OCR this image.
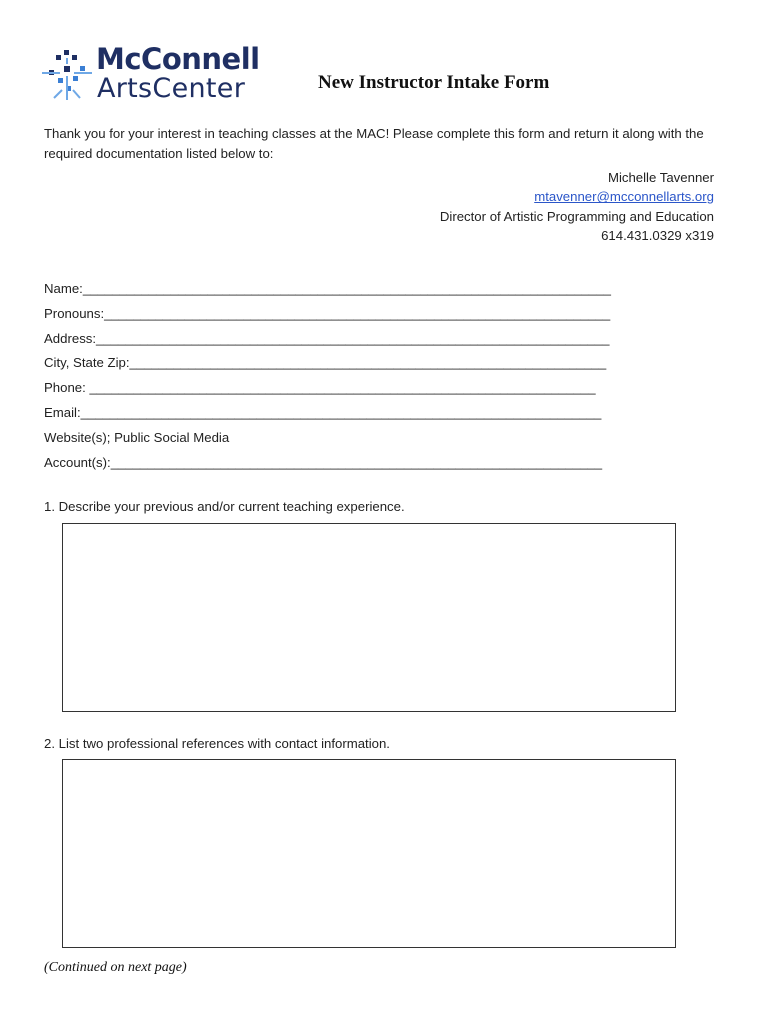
McConnell
ArtsCenter	New Instructor Intake Form
Thank you for your interest in teaching classes at the MAC! Please complete this form and return it along with the required documentation listed below to:
Michelle Tavenner
mtavenner@mcconnellarts.org
Director of Artistic Programming and Education
614.431.0329 x319
Name:________________________________________________________________________
Pronouns:_____________________________________________________________________
Address:______________________________________________________________________
City, State Zip:_________________________________________________________________
Phone: _____________________________________________________________________
Email:_______________________________________________________________________
Website(s); Public Social Media
Account(s):___________________________________________________________________
1. Describe your previous and/or current teaching experience.
2. List two professional references with contact information.
(Continued on next page)
